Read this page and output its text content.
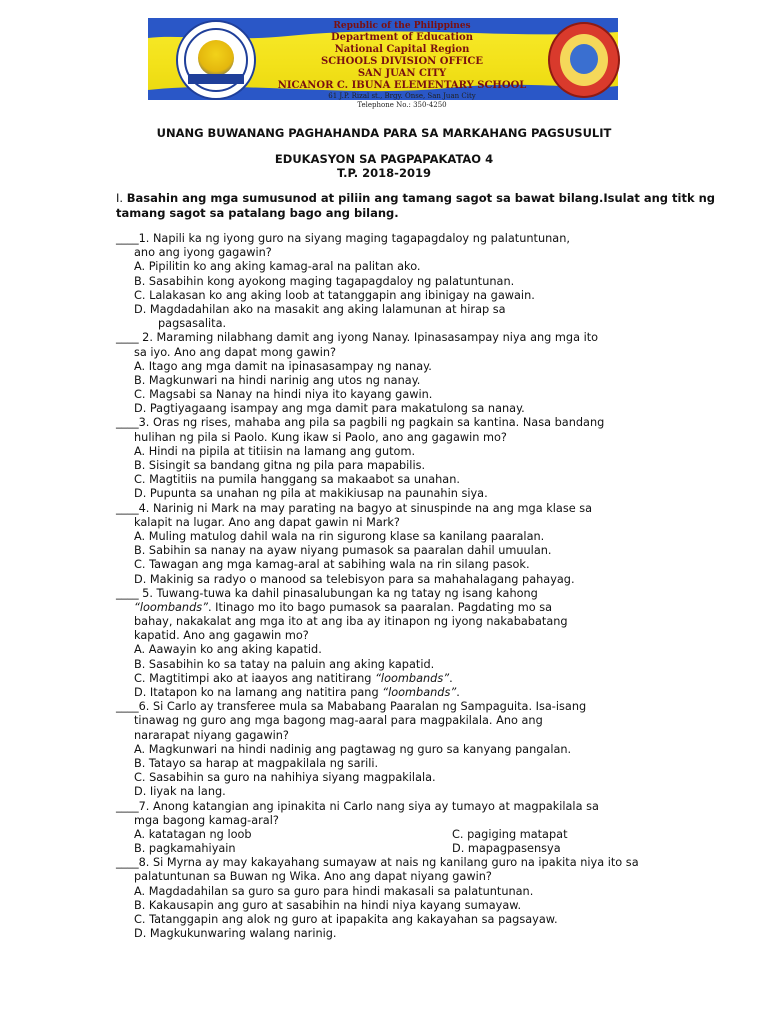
Republic of the Philippines
Department of Education
National Capital Region
SCHOOLS DIVISION OFFICE
SAN JUAN CITY
NICANOR C. IBUNA ELEMENTARY SCHOOL
61 J.P. Rizal st., Brgy. Onse, San Juan City
Telephone No.: 350-4250
UNANG BUWANANG PAGHAHANDA PARA SA MARKAHANG PAGSUSULIT
EDUKASYON SA PAGPAPAKATAO 4
T.P. 2018-2019
I. Basahin ang mga sumusunod at piliin ang tamang sagot sa bawat bilang.Isulat ang titk ng
tamang sagot sa patalang bago ang bilang.
____1. Napili ka ng iyong guro na siyang maging tagapagdaloy ng palatuntunan,
ano ang iyong gagawin?
A. Pipilitin ko ang aking kamag-aral na palitan ako.
B. Sasabihin kong ayokong maging tagapagdaloy ng palatuntunan.
C. Lalakasan ko ang aking loob at tatanggapin ang ibinigay na gawain.
D. Magdadahilan ako na masakit ang aking lalamunan at hirap sa
pagsasalita.
____ 2. Maraming nilabhang damit ang iyong Nanay. Ipinasasampay niya ang mga ito
sa iyo. Ano ang dapat mong gawin?
A. Itago ang mga damit na ipinasasampay ng nanay.
B. Magkunwari na hindi narinig ang utos ng nanay.
C. Magsabi sa Nanay na hindi niya ito kayang gawin.
D. Pagtiyagaang isampay ang mga damit para makatulong sa nanay.
____3. Oras ng rises, mahaba ang pila sa pagbili ng pagkain sa kantina. Nasa bandang
hulihan ng pila si Paolo. Kung ikaw si Paolo, ano ang gagawin mo?
A. Hindi na pipila at titiisin na lamang ang gutom.
B. Sisingit sa bandang gitna ng pila para mapabilis.
C. Magtitiis na pumila hanggang sa makaabot sa unahan.
D. Pupunta sa unahan ng pila at makikiusap na paunahin siya.
____4. Narinig ni Mark na may parating na bagyo at sinuspinde na ang mga klase sa
kalapit na lugar. Ano ang dapat gawin ni Mark?
A. Muling matulog dahil wala na rin sigurong klase sa kanilang paaralan.
B. Sabihin sa nanay na ayaw niyang pumasok sa paaralan dahil umuulan.
C. Tawagan ang mga kamag-aral at sabihing wala na rin silang pasok.
D. Makinig sa radyo o manood sa telebisyon para sa mahahalagang pahayag.
____ 5. Tuwang-tuwa ka dahil pinasalubungan ka ng tatay ng isang kahong
“loombands”. Itinago mo ito bago pumasok sa paaralan. Pagdating mo sa
bahay, nakakalat ang mga ito at ang iba ay itinapon ng iyong nakababatang
kapatid. Ano ang gagawin mo?
A. Aawayin ko ang aking kapatid.
B. Sasabihin ko sa tatay na paluin ang aking kapatid.
C. Magtitimpi ako at iaayos ang natitirang “loombands”.
D. Itatapon ko na lamang ang natitira pang “loombands”.
____6. Si Carlo ay transferee mula sa Mababang Paaralan ng Sampaguita. Isa-isang
tinawag ng guro ang mga bagong mag-aaral para magpakilala. Ano ang
nararapat niyang gagawin?
A. Magkunwari na hindi nadinig ang pagtawag ng guro sa kanyang pangalan.
B. Tatayo sa harap at magpakilala ng sarili.
C. Sasabihin sa guro na nahihiya siyang magpakilala.
D. Iiyak na lang.
____7. Anong katangian ang ipinakita ni Carlo nang siya ay tumayo at magpakilala sa
mga bagong kamag-aral?
A. katatagan ng loob	C. pagiging matapat
B. pagkamahiyain	D. mapagpasensya
____8. Si Myrna ay may kakayahang sumayaw at nais ng kanilang guro na ipakita niya ito sa
palatuntunan sa Buwan ng Wika. Ano ang dapat niyang gawin?
A. Magdadahilan sa guro sa guro para hindi makasali sa palatuntunan.
B. Kakausapin ang guro at sasabihin na hindi niya kayang sumayaw.
C. Tatanggapin ang alok ng guro at ipapakita ang kakayahan sa pagsayaw.
D. Magkukunwaring walang narinig.
